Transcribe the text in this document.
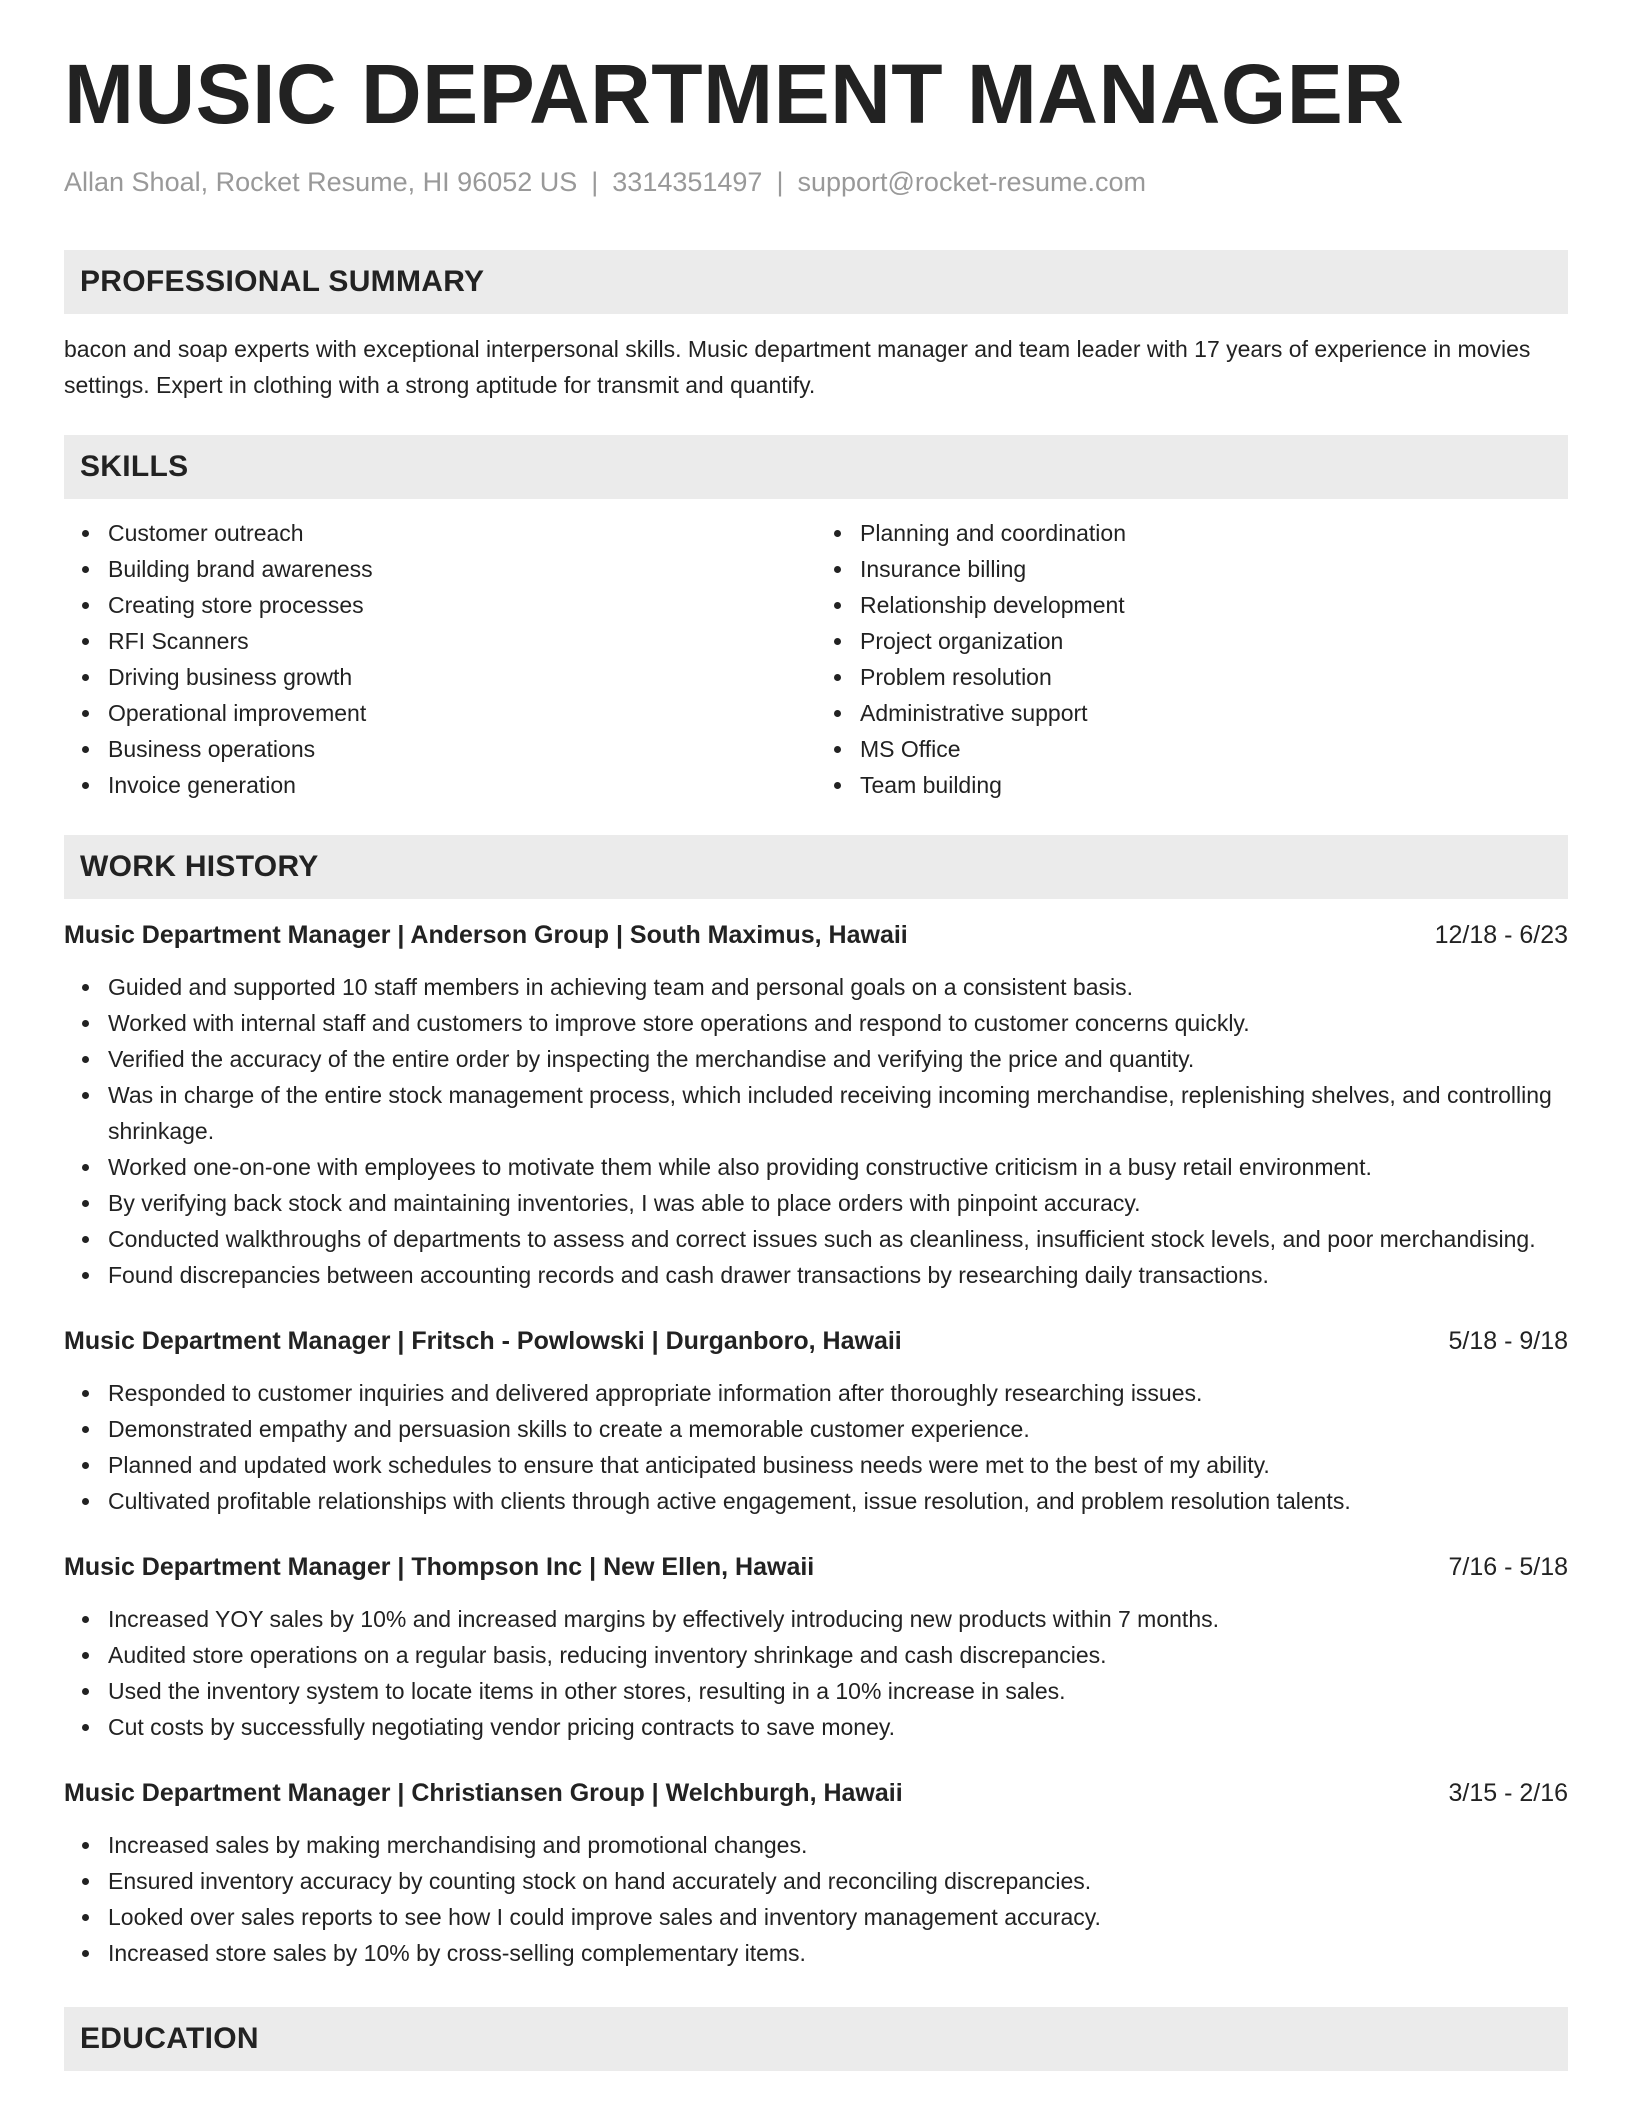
MUSIC DEPARTMENT MANAGER
Allan Shoal, Rocket Resume, HI 96052 US | 3314351497 | support@rocket-resume.com
PROFESSIONAL SUMMARY

bacon and soap experts with exceptional interpersonal skills. Music department manager and team leader with 17 years of experience in movies settings. Expert in clothing with a strong aptitude for transmit and quantify.

SKILLS
Customer outreach
Building brand awareness
Creating store processes
RFI Scanners
Driving business growth
Operational improvement
Business operations
Invoice generation
Planning and coordination
Insurance billing
Relationship development
Project organization
Problem resolution
Administrative support
MS Office
Team building
WORK HISTORY
Music Department Manager | Anderson Group | South Maximus, Hawaii	12/18 - 6/23
Guided and supported 10 staff members in achieving team and personal goals on a consistent basis.
Worked with internal staff and customers to improve store operations and respond to customer concerns quickly.
Verified the accuracy of the entire order by inspecting the merchandise and verifying the price and quantity.
Was in charge of the entire stock management process, which included receiving incoming merchandise, replenishing shelves, and controlling shrinkage.
Worked one-on-one with employees to motivate them while also providing constructive criticism in a busy retail environment.
By verifying back stock and maintaining inventories, I was able to place orders with pinpoint accuracy.
Conducted walkthroughs of departments to assess and correct issues such as cleanliness, insufficient stock levels, and poor merchandising.
Found discrepancies between accounting records and cash drawer transactions by researching daily transactions.
Music Department Manager | Fritsch - Powlowski | Durganboro, Hawaii	5/18 - 9/18
Responded to customer inquiries and delivered appropriate information after thoroughly researching issues.
Demonstrated empathy and persuasion skills to create a memorable customer experience.
Planned and updated work schedules to ensure that anticipated business needs were met to the best of my ability.
Cultivated profitable relationships with clients through active engagement, issue resolution, and problem resolution talents.
Music Department Manager | Thompson Inc | New Ellen, Hawaii	7/16 - 5/18
Increased YOY sales by 10% and increased margins by effectively introducing new products within 7 months.
Audited store operations on a regular basis, reducing inventory shrinkage and cash discrepancies.
Used the inventory system to locate items in other stores, resulting in a 10% increase in sales.
Cut costs by successfully negotiating vendor pricing contracts to save money.
Music Department Manager | Christiansen Group | Welchburgh, Hawaii	3/15 - 2/16
Increased sales by making merchandising and promotional changes.
Ensured inventory accuracy by counting stock on hand accurately and reconciling discrepancies.
Looked over sales reports to see how I could improve sales and inventory management accuracy.
Increased store sales by 10% by cross-selling complementary items.
EDUCATION
